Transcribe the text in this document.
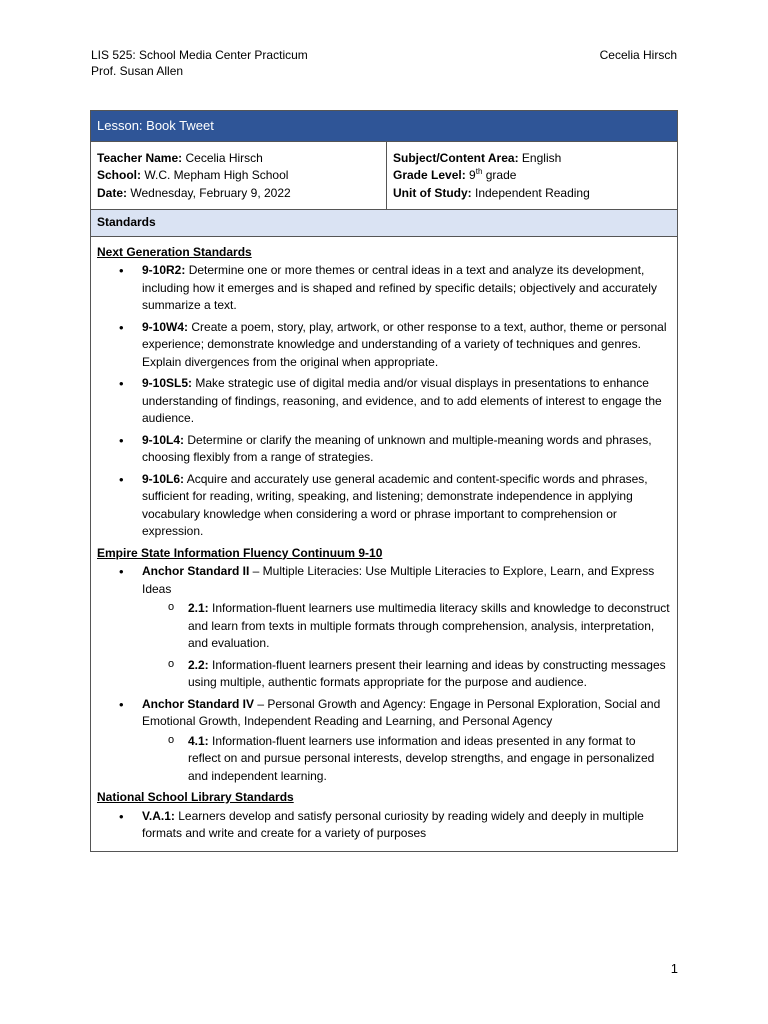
LIS 525: School Media Center Practicum
Prof. Susan Allen
Cecelia Hirsch
Lesson: Book Tweet

Teacher Name: Cecelia Hirsch
School: W.C. Mepham High School
Date: Wednesday, February 9, 2022

Subject/Content Area: English
Grade Level: 9th grade
Unit of Study: Independent Reading

Standards

Next Generation Standards
• 9-10R2: Determine one or more themes or central ideas in a text and analyze its development, including how it emerges and is shaped and refined by specific details; objectively and accurately summarize a text.
• 9-10W4: Create a poem, story, play, artwork, or other response to a text, author, theme or personal experience; demonstrate knowledge and understanding of a variety of techniques and genres. Explain divergences from the original when appropriate.
• 9-10SL5: Make strategic use of digital media and/or visual displays in presentations to enhance understanding of findings, reasoning, and evidence, and to add elements of interest to engage the audience.
• 9-10L4: Determine or clarify the meaning of unknown and multiple-meaning words and phrases, choosing flexibly from a range of strategies.
• 9-10L6: Acquire and accurately use general academic and content-specific words and phrases, sufficient for reading, writing, speaking, and listening; demonstrate independence in applying vocabulary knowledge when considering a word or phrase important to comprehension or expression.
Empire State Information Fluency Continuum 9-10
• Anchor Standard II – Multiple Literacies: Use Multiple Literacies to Explore, Learn, and Express Ideas
o 2.1: Information-fluent learners use multimedia literacy skills and knowledge to deconstruct and learn from texts in multiple formats through comprehension, analysis, interpretation, and evaluation.
o 2.2: Information-fluent learners present their learning and ideas by constructing messages using multiple, authentic formats appropriate for the purpose and audience.
• Anchor Standard IV – Personal Growth and Agency: Engage in Personal Exploration, Social and Emotional Growth, Independent Reading and Learning, and Personal Agency
o 4.1: Information-fluent learners use information and ideas presented in any format to reflect on and pursue personal interests, develop strengths, and engage in personalized and independent learning.
National School Library Standards
• V.A.1: Learners develop and satisfy personal curiosity by reading widely and deeply in multiple formats and write and create for a variety of purposes
1
